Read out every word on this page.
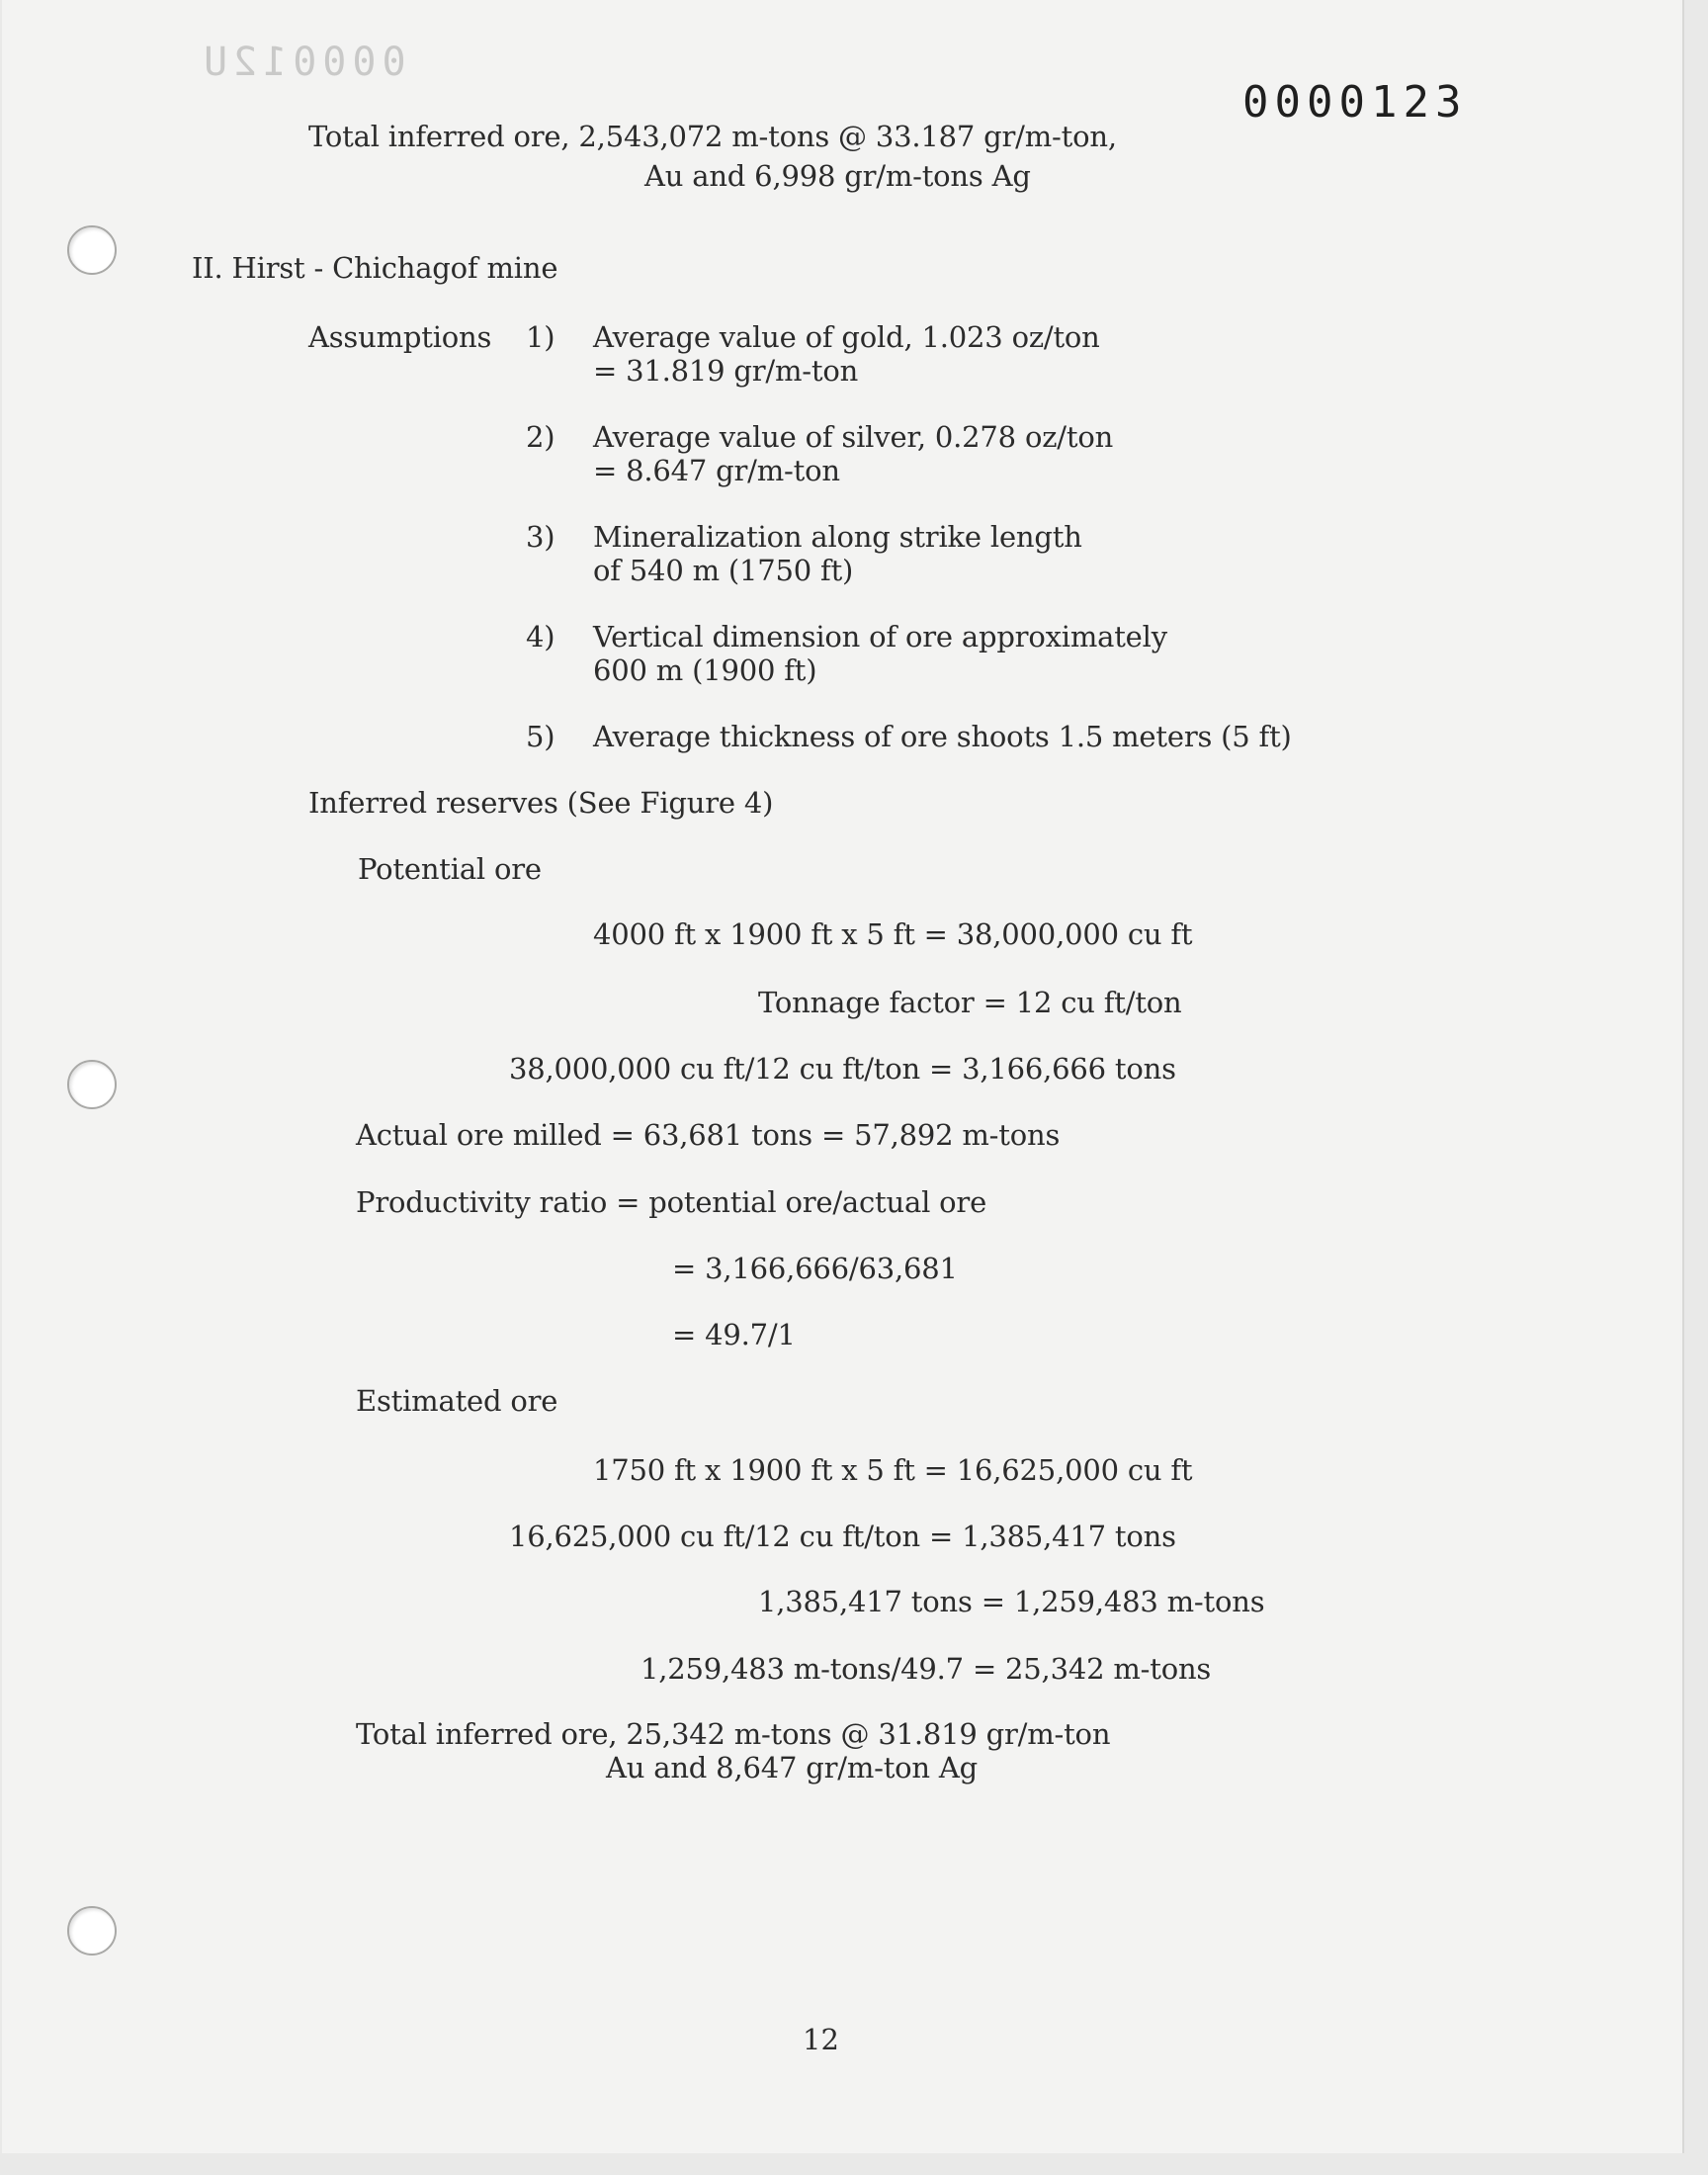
000012U
0000123
Total inferred ore, 2,543,072 m-tons @ 33.187 gr/m-ton,
Au and 6,998 gr/m-tons Ag
II. Hirst - Chichagof mine
Assumptions 1) Average value of gold, 1.023 oz/ton
= 31.819 gr/m-ton
2) Average value of silver, 0.278 oz/ton
= 8.647 gr/m-ton
3) Mineralization along strike length
of 540 m (1750 ft)
4) Vertical dimension of ore approximately
600 m (1900 ft)
5) Average thickness of ore shoots 1.5 meters (5 ft)
Inferred reserves (See Figure 4)
Potential ore
4000 ft x 1900 ft x 5 ft = 38,000,000 cu ft
Tonnage factor = 12 cu ft/ton
38,000,000 cu ft/12 cu ft/ton = 3,166,666 tons
Actual ore milled = 63,681 tons = 57,892 m-tons
Productivity ratio = potential ore/actual ore
= 3,166,666/63,681
= 49.7/1
Estimated ore
1750 ft x 1900 ft x 5 ft = 16,625,000 cu ft
16,625,000 cu ft/12 cu ft/ton = 1,385,417 tons
1,385,417 tons = 1,259,483 m-tons
1,259,483 m-tons/49.7 = 25,342 m-tons
Total inferred ore, 25,342 m-tons @ 31.819 gr/m-ton
Au and 8,647 gr/m-ton Ag
12
